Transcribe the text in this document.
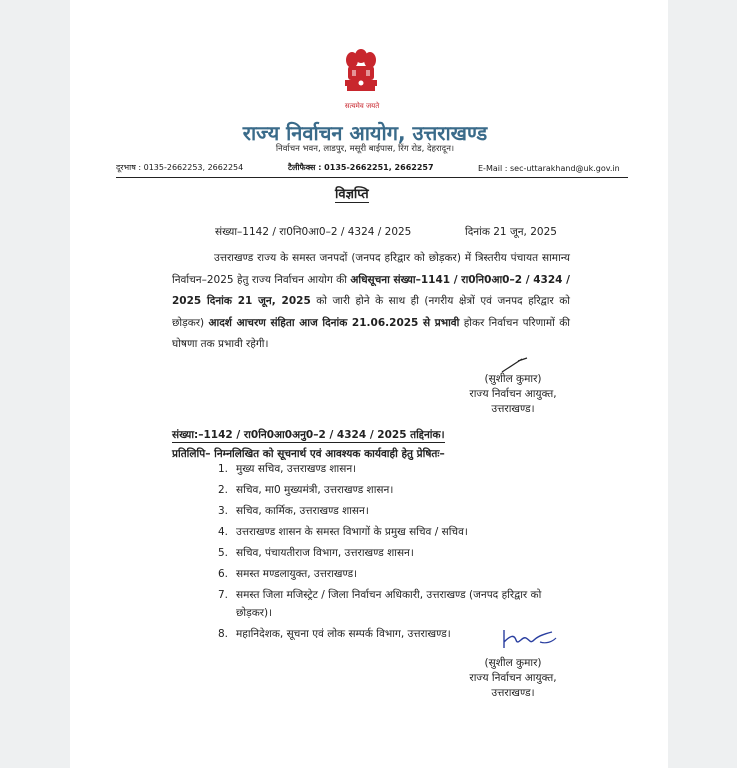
सत्यमेव जयते
राज्य निर्वाचन आयोग, उत्तराखण्ड
निर्वाचन भवन, लाडपुर, मसूरी बाईपास, रिंग रोड, देहरादून।
दूरभाष : 0135-2662253, 2662254	टैलीफैक्स : 0135-2662251, 2662257	E-Mail : sec-uttarakhand@uk.gov.in
विज्ञप्ति
संख्या–1142 / रा0नि0आ0–2 / 4324 / 2025	दिनांक 21 जून, 2025
उत्तराखण्ड राज्य के समस्त जनपदों (जनपद हरिद्वार को छोड़कर) में त्रिस्तरीय पंचायत सामान्य निर्वाचन–2025 हेतु राज्य निर्वाचन आयोग की अधिसूचना संख्या–1141 / रा0नि0आ0–2 / 4324 / 2025 दिनांक 21 जून, 2025 को जारी होने के साथ ही (नगरीय क्षेत्रों एवं जनपद हरिद्वार को छोड़कर) आदर्श आचरण संहिता आज दिनांक 21.06.2025 से प्रभावी होकर निर्वाचन परिणामों की घोषणा तक प्रभावी रहेगी।
(सुशील कुमार)
राज्य निर्वाचन आयुक्त,
उत्तराखण्ड।
संख्या:–1142 / रा0नि0आ0अनु0–2 / 4324 / 2025 तद्दिनांक।
प्रतिलिपि– निम्नलिखित को सूचनार्थ एवं आवश्यक कार्यवाही हेतु प्रेषितः–
1. मुख्य सचिव, उत्तराखण्ड शासन।
2. सचिव, मा0 मुख्यमंत्री, उत्तराखण्ड शासन।
3. सचिव, कार्मिक, उत्तराखण्ड शासन।
4. उत्तराखण्ड शासन के समस्त विभागों के प्रमुख सचिव / सचिव।
5. सचिव, पंचायतीराज विभाग, उत्तराखण्ड शासन।
6. समस्त मण्डलायुक्त, उत्तराखण्ड।
7. समस्त जिला मजिस्ट्रेट / जिला निर्वाचन अधिकारी, उत्तराखण्ड (जनपद हरिद्वार को छोड़कर)।
8. महानिदेशक, सूचना एवं लोक सम्पर्क विभाग, उत्तराखण्ड।
(सुशील कुमार)
राज्य निर्वाचन आयुक्त,
उत्तराखण्ड।
